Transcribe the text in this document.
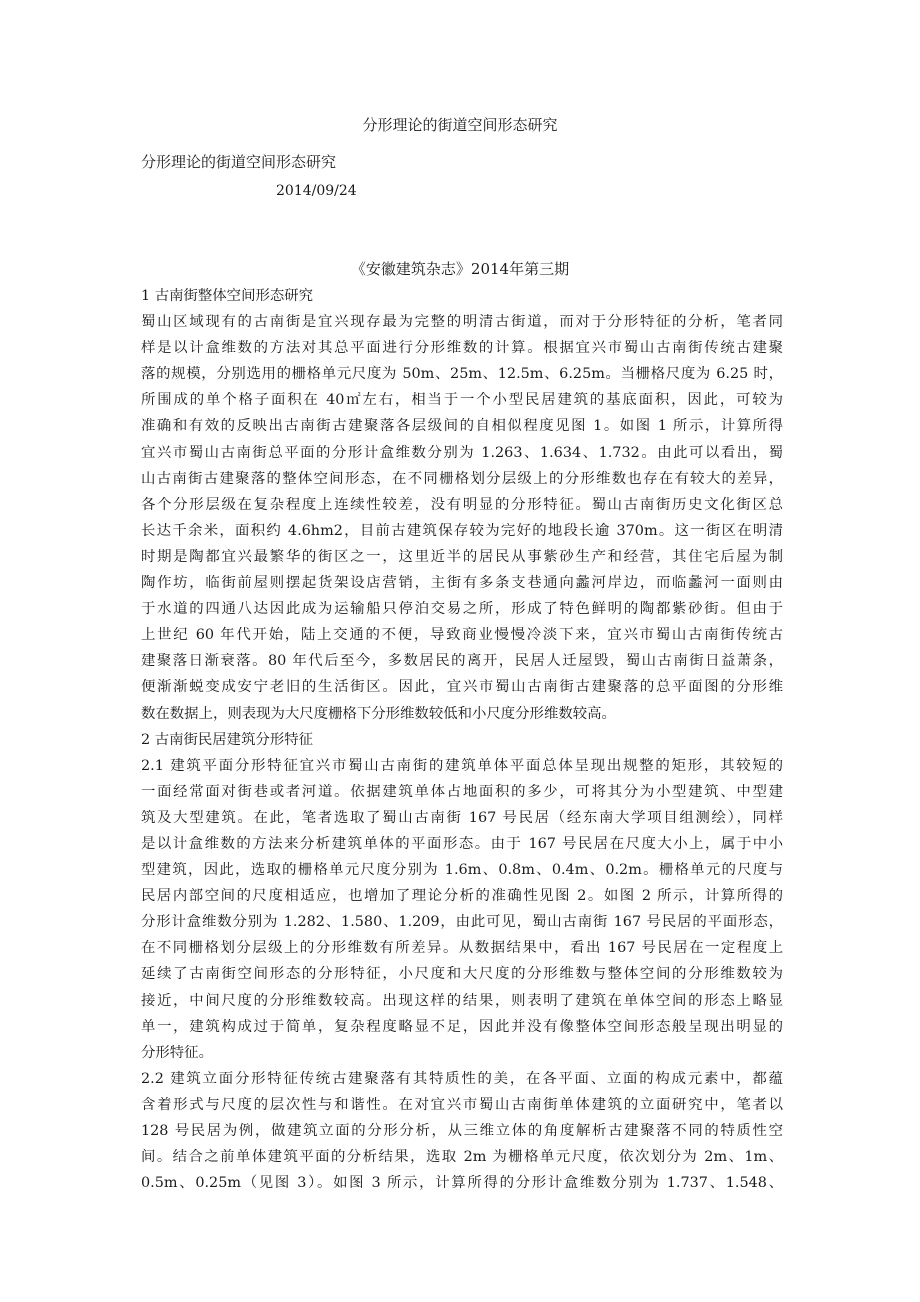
分形理论的街道空间形态研究
分形理论的街道空间形态研究
2014/09/24
《安徽建筑杂志》2014年第三期
1 古南街整体空间形态研究
蜀山区域现有的古南街是宜兴现存最为完整的明清古街道，而对于分形特征的分析，笔者同
样是以计盒维数的方法对其总平面进行分形维数的计算。根据宜兴市蜀山古南街传统古建聚
落的规模，分别选用的栅格单元尺度为 50m、25m、12.5m、6.25m。当栅格尺度为 6.25 时，
所围成的单个格子面积在 40㎡左右，相当于一个小型民居建筑的基底面积，因此，可较为
准确和有效的反映出古南街古建聚落各层级间的自相似程度见图 1。如图 1 所示，计算所得
宜兴市蜀山古南街总平面的分形计盒维数分别为 1.263、1.634、1.732。由此可以看出，蜀
山古南街古建聚落的整体空间形态，在不同栅格划分层级上的分形维数也存在有较大的差异，
各个分形层级在复杂程度上连续性较差，没有明显的分形特征。蜀山古南街历史文化街区总
长达千余米，面积约 4.6hm2，目前古建筑保存较为完好的地段长逾 370m。这一街区在明清
时期是陶都宜兴最繁华的街区之一，这里近半的居民从事紫砂生产和经营，其住宅后屋为制
陶作坊，临街前屋则摆起货架设店营销，主街有多条支巷通向蠡河岸边，而临蠡河一面则由
于水道的四通八达因此成为运输船只停泊交易之所，形成了特色鲜明的陶都紫砂街。但由于
上世纪 60 年代开始，陆上交通的不便，导致商业慢慢冷淡下来，宜兴市蜀山古南街传统古
建聚落日渐衰落。80 年代后至今，多数居民的离开，民居人迁屋毁，蜀山古南街日益萧条，
便渐渐蜕变成安宁老旧的生活街区。因此，宜兴市蜀山古南街古建聚落的总平面图的分形维
数在数据上，则表现为大尺度栅格下分形维数较低和小尺度分形维数较高。
2 古南街民居建筑分形特征
2.1 建筑平面分形特征宜兴市蜀山古南街的建筑单体平面总体呈现出规整的矩形，其较短的
一面经常面对街巷或者河道。依据建筑单体占地面积的多少，可将其分为小型建筑、中型建
筑及大型建筑。在此，笔者选取了蜀山古南街 167 号民居（经东南大学项目组测绘），同样
是以计盒维数的方法来分析建筑单体的平面形态。由于 167 号民居在尺度大小上，属于中小
型建筑，因此，选取的栅格单元尺度分别为 1.6m、0.8m、0.4m、0.2m。栅格单元的尺度与
民居内部空间的尺度相适应，也增加了理论分析的准确性见图 2。如图 2 所示，计算所得的
分形计盒维数分别为 1.282、1.580、1.209，由此可见，蜀山古南街 167 号民居的平面形态，
在不同栅格划分层级上的分形维数有所差异。从数据结果中，看出 167 号民居在一定程度上
延续了古南街空间形态的分形特征，小尺度和大尺度的分形维数与整体空间的分形维数较为
接近，中间尺度的分形维数较高。出现这样的结果，则表明了建筑在单体空间的形态上略显
单一，建筑构成过于简单，复杂程度略显不足，因此并没有像整体空间形态般呈现出明显的
分形特征。
2.2 建筑立面分形特征传统古建聚落有其特质性的美，在各平面、立面的构成元素中，都蕴
含着形式与尺度的层次性与和谐性。在对宜兴市蜀山古南街单体建筑的立面研究中，笔者以
128 号民居为例，做建筑立面的分形分析，从三维立体的角度解析古建聚落不同的特质性空
间。结合之前单体建筑平面的分析结果，选取 2m 为栅格单元尺度，依次划分为 2m、1m、
0.5m、0.25m（见图 3）。如图 3 所示，计算所得的分形计盒维数分别为 1.737、1.548、
